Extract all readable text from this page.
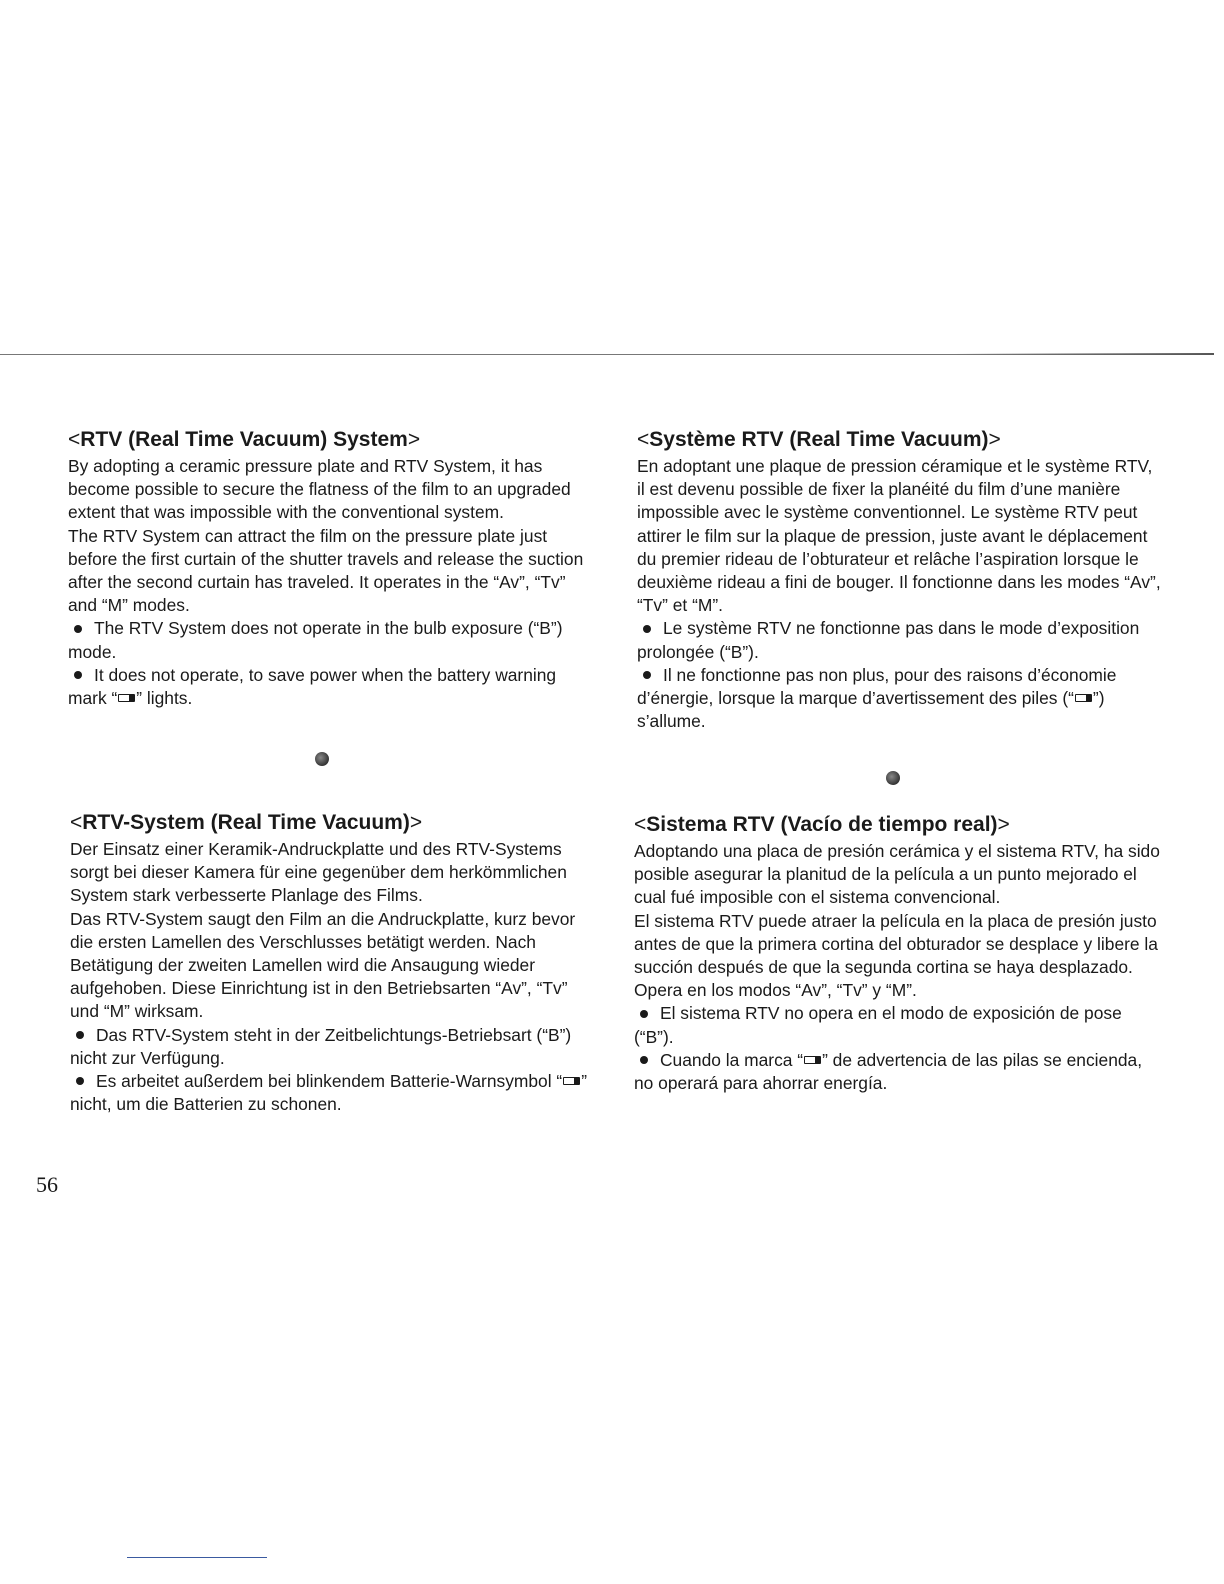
<RTV (Real Time Vacuum) System>

By adopting a ceramic pressure plate and RTV System, it has become possible to secure the flatness of the film to an upgraded extent that was impossible with the conventional system.

The RTV System can attract the film on the pressure plate just before the first curtain of the shutter travels and release the suction after the second curtain has traveled. It operates in the “Av”, “Tv” and “M” modes.

The RTV System does not operate in the bulb exposure (“B”) mode.

It does not operate, to save power when the battery warning mark “ ” lights.

<Système RTV (Real Time Vacuum)>

En adoptant une plaque de pression céramique et le système RTV, il est devenu possible de fixer la planéité du film d’une manière impossible avec le système conventionnel. Le système RTV peut attirer le film sur la plaque de pression, juste avant le déplacement du premier rideau de l’obturateur et relâche l’aspiration lorsque le deuxième rideau a fini de bouger. Il fonctionne dans les modes “Av”, “Tv” et “M”.

Le système RTV ne fonctionne pas dans le mode d’exposition prolongée (“B”).

Il ne fonctionne pas non plus, pour des raisons d’économie d’énergie, lorsque la marque d’avertissement des piles (“ ”) s’allume.

<RTV-System (Real Time Vacuum)>

Der Einsatz einer Keramik-Andruckplatte und des RTV-Systems sorgt bei dieser Kamera für eine gegenüber dem herkömmlichen System stark verbesserte Planlage des Films.

Das RTV-System saugt den Film an die Andruckplatte, kurz bevor die ersten Lamellen des Verschlusses betätigt werden. Nach Betätigung der zweiten Lamellen wird die Ansaugung wieder aufgehoben. Diese Einrichtung ist in den Betriebsarten “Av”, “Tv” und “M” wirksam.

Das RTV-System steht in der Zeitbelichtungs-Betriebsart (“B”) nicht zur Verfügung.

Es arbeitet außerdem bei blinkendem Batterie-Warnsymbol “ ” nicht, um die Batterien zu schonen.

<Sistema RTV (Vacío de tiempo real)>

Adoptando una placa de presión cerámica y el sistema RTV, ha sido posible asegurar la planitud de la película a un punto mejorado el cual fué imposible con el sistema convencional.

El sistema RTV puede atraer la película en la placa de presión justo antes de que la primera cortina del obturador se desplace y libere la succión después de que la segunda cortina se haya desplazado.

Opera en los modos “Av”, “Tv” y “M”.

El sistema RTV no opera en el modo de exposición de pose (“B”).

Cuando la marca “ ” de advertencia de las pilas se encienda, no operará para ahorrar energía.

56
